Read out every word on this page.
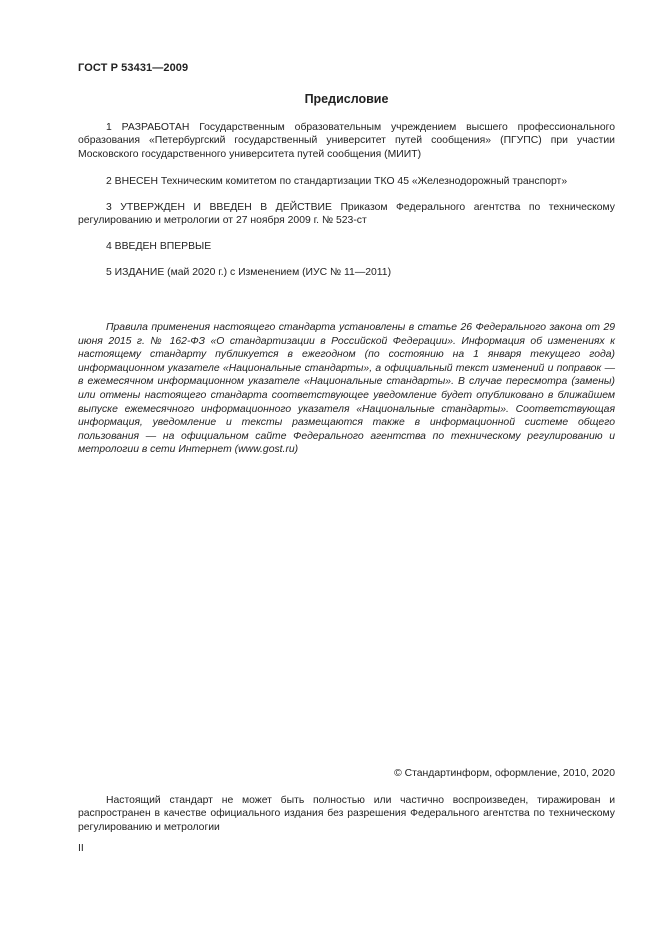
ГОСТ Р 53431—2009
Предисловие
1 РАЗРАБОТАН Государственным образовательным учреждением высшего профессионального образования «Петербургский государственный университет путей сообщения» (ПГУПС) при участии Московского государственного университета путей сообщения (МИИТ)
2 ВНЕСЕН Техническим комитетом по стандартизации ТКО 45 «Железнодорожный транспорт»
3 УТВЕРЖДЕН И ВВЕДЕН В ДЕЙСТВИЕ Приказом Федерального агентства по техническому регулированию и метрологии от 27 ноября 2009 г. № 523-ст
4 ВВЕДЕН ВПЕРВЫЕ
5 ИЗДАНИЕ (май 2020 г.) с Изменением (ИУС № 11—2011)
Правила применения настоящего стандарта установлены в статье 26 Федерального закона от 29 июня 2015 г. № 162-ФЗ «О стандартизации в Российской Федерации». Информация об изменениях к настоящему стандарту публикуется в ежегодном (по состоянию на 1 января текущего года) информационном указателе «Национальные стандарты», а официальный текст изменений и поправок — в ежемесячном информационном указателе «Национальные стандарты». В случае пересмотра (замены) или отмены настоящего стандарта соответствующее уведомление будет опубликовано в ближайшем выпуске ежемесячного информационного указателя «Национальные стандарты». Соответствующая информация, уведомление и тексты размещаются также в информационной системе общего пользования — на официальном сайте Федерального агентства по техническому регулированию и метрологии в сети Интернет (www.gost.ru)
© Стандартинформ, оформление, 2010, 2020
Настоящий стандарт не может быть полностью или частично воспроизведен, тиражирован и распространен в качестве официального издания без разрешения Федерального агентства по техническому регулированию и метрологии
II
